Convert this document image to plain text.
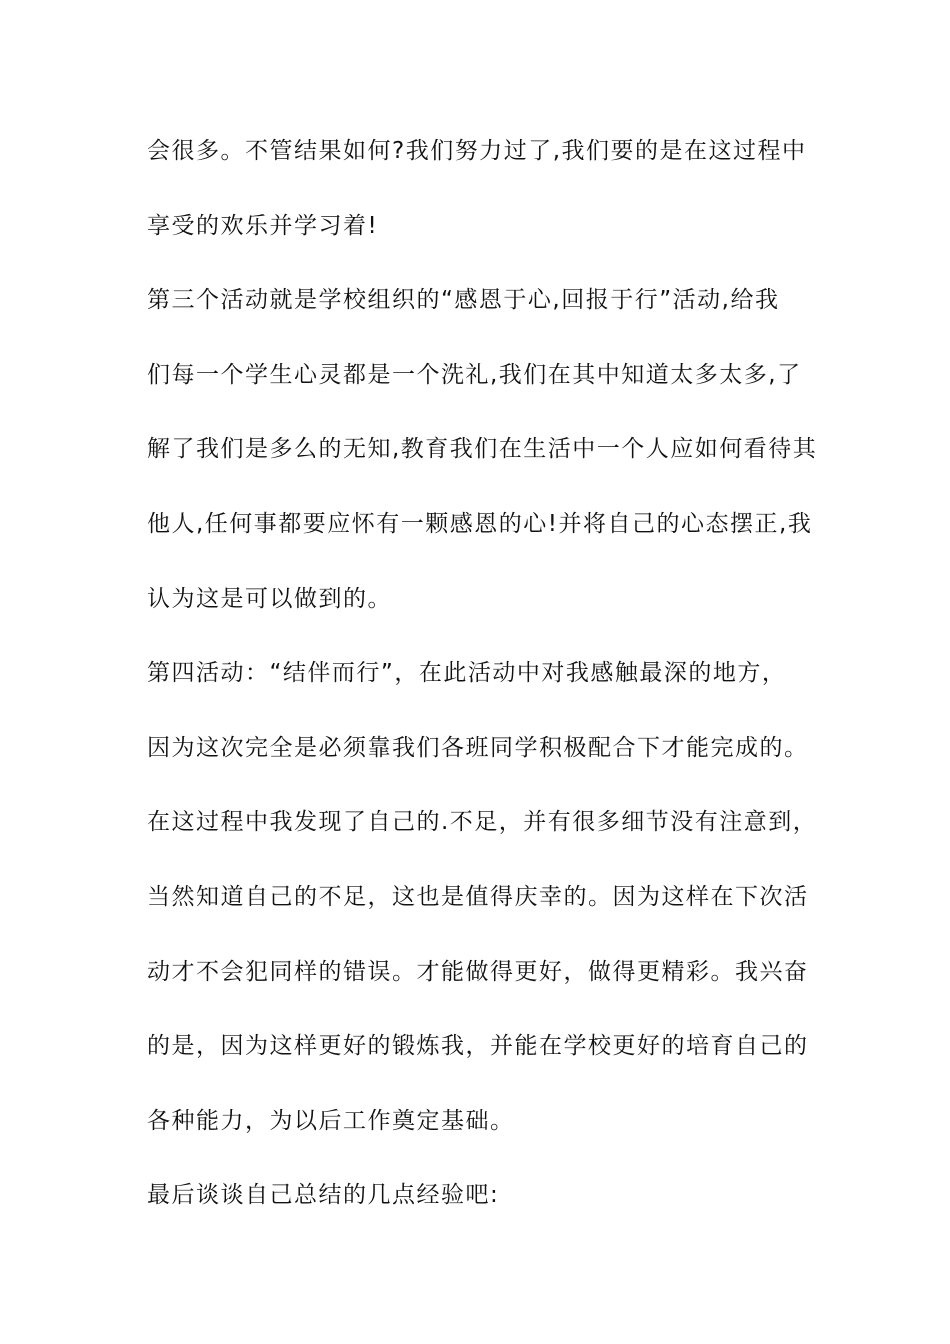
会很多。不管结果如何?我们努力过了,我们要的是在这过程中
享受的欢乐并学习着!
第三个活动就是学校组织的“感恩于心,回报于行”活动,给我
们每一个学生心灵都是一个洗礼,我们在其中知道太多太多,了
解了我们是多么的无知,教育我们在生活中一个人应如何看待其
他人,任何事都要应怀有一颗感恩的心!并将自己的心态摆正,我
认为这是可以做到的。
第四活动：“结伴而行”，在此活动中对我感触最深的地方，
因为这次完全是必须靠我们各班同学积极配合下才能完成的。
在这过程中我发现了自己的.不足，并有很多细节没有注意到，
当然知道自己的不足，这也是值得庆幸的。因为这样在下次活
动才不会犯同样的错误。才能做得更好，做得更精彩。我兴奋
的是，因为这样更好的锻炼我，并能在学校更好的培育自己的
各种能力，为以后工作奠定基础。
最后谈谈自己总结的几点经验吧:
